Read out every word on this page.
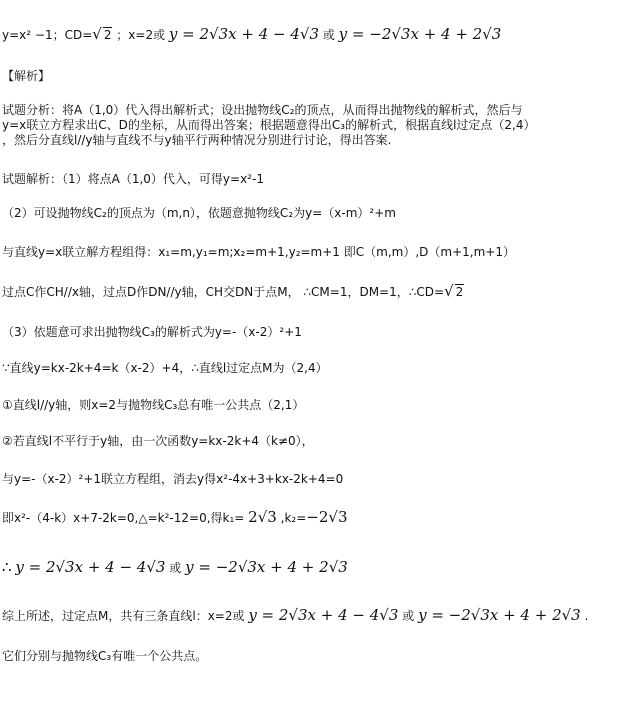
y=x² −1；CD=√ 2 ；x=2或 y = 2√3x + 4 − 4√3 或 y = −2√3x + 4 + 2√3
【解析】
试题分析：将A（1,0）代入得出解析式；设出抛物线C₂的顶点，从而得出抛物线的解析式，然后与
y=x联立方程求出C、D的坐标，从而得出答案；根据题意得出C₃的解析式，根据直线l过定点（2,4）
，然后分直线l//y轴与直线不与y轴平行两种情况分别进行讨论，得出答案.
试题解析：（1）将点A（1,0）代入，可得y=x²-1
（2）可设抛物线C₂的顶点为（m,n），依题意抛物线C₂为y=（x-m）²+m
与直线y=x联立解方程组得：x₁=m,y₁=m;x₂=m+1,y₂=m+1 即C（m,m）,D（m+1,m+1）
过点C作CH//x轴，过点D作DN//y轴，CH交DN于点M， ∴CM=1，DM=1，∴CD=√ 2
（3）依题意可求出抛物线C₃的解析式为y=-（x-2）²+1
∵直线y=kx-2k+4=k（x-2）+4，∴直线l过定点M为（2,4）
①直线l//y轴，则x=2与抛物线C₃总有唯一公共点（2,1）
②若直线l不平行于y轴，由一次函数y=kx-2k+4（k≠0），
与y=-（x-2）²+1联立方程组，消去y得x²-4x+3+kx-2k+4=0
即x²-（4-k）x+7-2k=0,△=k²-12=0,得k₁= 2√3 ,k₂=−2√3
∴ y = 2√3x + 4 − 4√3 或 y = −2√3x + 4 + 2√3
综上所述，过定点M，共有三条直线l：x=2或 y = 2√3x + 4 − 4√3 或 y = −2√3x + 4 + 2√3 .
它们分别与抛物线C₃有唯一个公共点。
